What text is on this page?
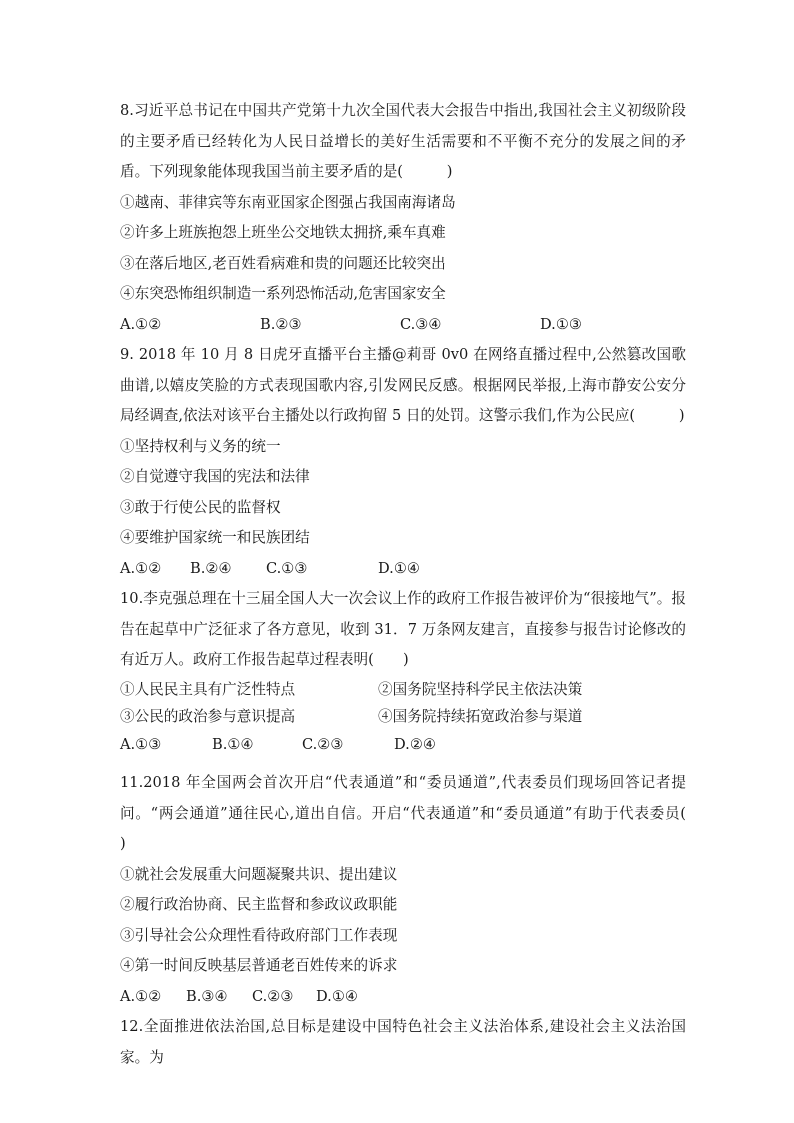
8.习近平总书记在中国共产党第十九次全国代表大会报告中指出,我国社会主义初级阶段的主要矛盾已经转化为人民日益增长的美好生活需要和不平衡不充分的发展之间的矛盾。下列现象能体现我国当前主要矛盾的是(　　　)

①越南、菲律宾等东南亚国家企图强占我国南海诸岛

②许多上班族抱怨上班坐公交地铁太拥挤,乘车真难

③在落后地区,老百姓看病难和贵的问题还比较突出

④东突恐怖组织制造一系列恐怖活动,危害国家安全

A.①②	B.②③	C.③④	D.①③

9. 2018 年 10 月 8 日虎牙直播平台主播@莉哥 0v0 在网络直播过程中,公然篡改国歌曲谱,以嬉皮笑脸的方式表现国歌内容,引发网民反感。根据网民举报,上海市静安公安分局经调查,依法对该平台主播处以行政拘留 5 日的处罚。这警示我们,作为公民应(　　　)

①坚持权利与义务的统一

②自觉遵守我国的宪法和法律

③敢于行使公民的监督权

④要维护国家统一和民族团结

A.①②	B.②④	C.①③	D.①④

10.李克强总理在十三届全国人大一次会议上作的政府工作报告被评价为“很接地气”。报告在起草中广泛征求了各方意见，收到 31．7 万条网友建言，直接参与报告讨论修改的有近万人。政府工作报告起草过程表明(　　)

①人民民主具有广泛性特点	②国务院坚持科学民主依法决策
③公民的政治参与意识提高	④国务院持续拓宽政治参与渠道
A.①③	B.①④	C.②③	D.②④

11.2018 年全国两会首次开启“代表通道”和“委员通道”,代表委员们现场回答记者提问。“两会通道”通往民心,道出自信。开启“代表通道”和“委员通道”有助于代表委员(　　)

①就社会发展重大问题凝聚共识、提出建议

②履行政治协商、民主监督和参政议政职能

③引导社会公众理性看待政府部门工作表现

④第一时间反映基层普通老百姓传来的诉求

A.①②	B.③④	C.②③	D.①④

12.全面推进依法治国,总目标是建设中国特色社会主义法治体系,建设社会主义法治国家。为
